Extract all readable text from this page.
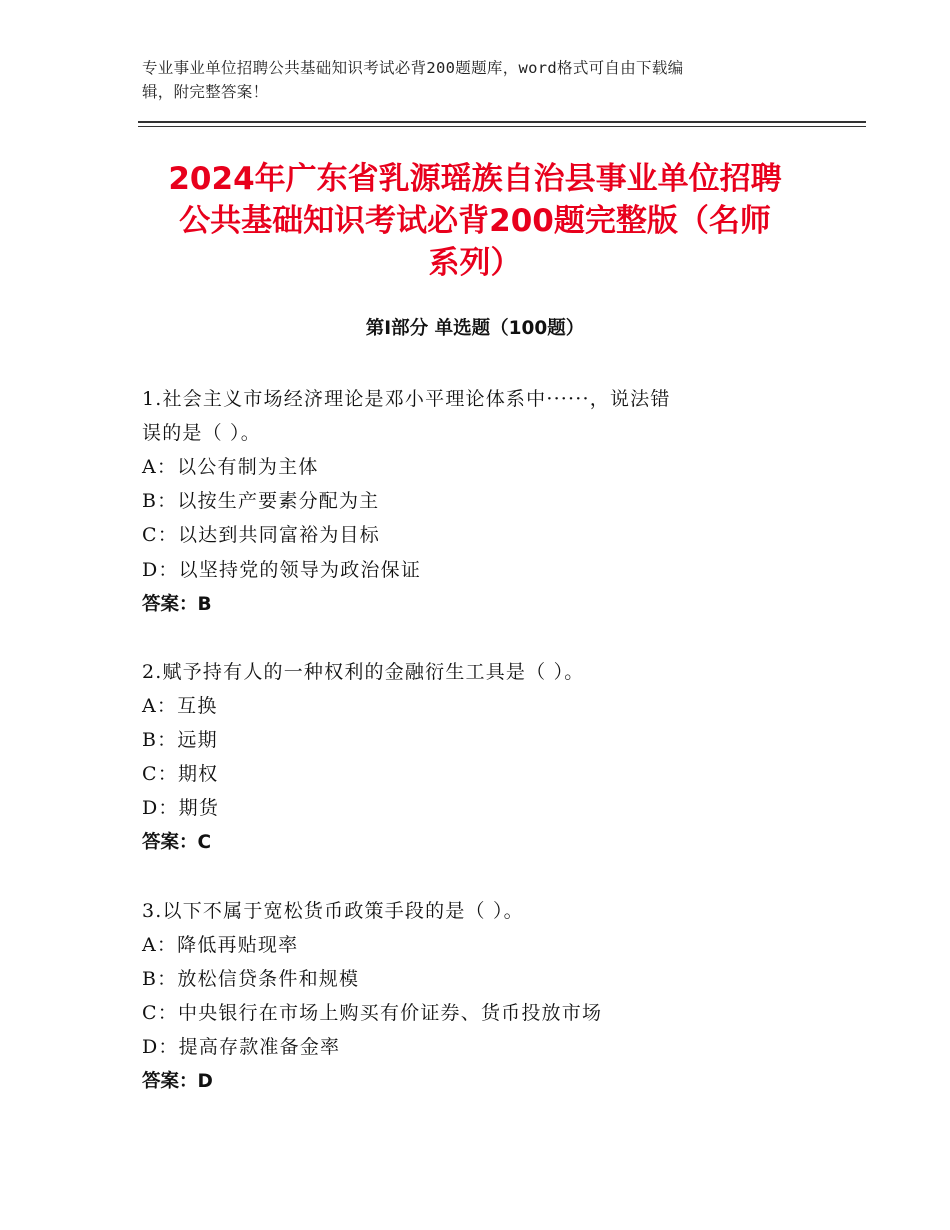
专业事业单位招聘公共基础知识考试必背200题题库，word格式可自由下载编
辑，附完整答案！
2024年广东省乳源瑶族自治县事业单位招聘
公共基础知识考试必背200题完整版（名师
系列）
第Ⅰ部分 单选题（100题）
1.社会主义市场经济理论是邓小平理论体系中······，说法错
误的是（ ）。
A：以公有制为主体
B：以按生产要素分配为主
C：以达到共同富裕为目标
D：以坚持党的领导为政治保证
答案：B
2.赋予持有人的一种权利的金融衍生工具是（ ）。
A：互换
B：远期
C：期权
D：期货
答案：C
3.以下不属于宽松货币政策手段的是（ ）。
A：降低再贴现率
B：放松信贷条件和规模
C：中央银行在市场上购买有价证券、货币投放市场
D：提高存款准备金率
答案：D
